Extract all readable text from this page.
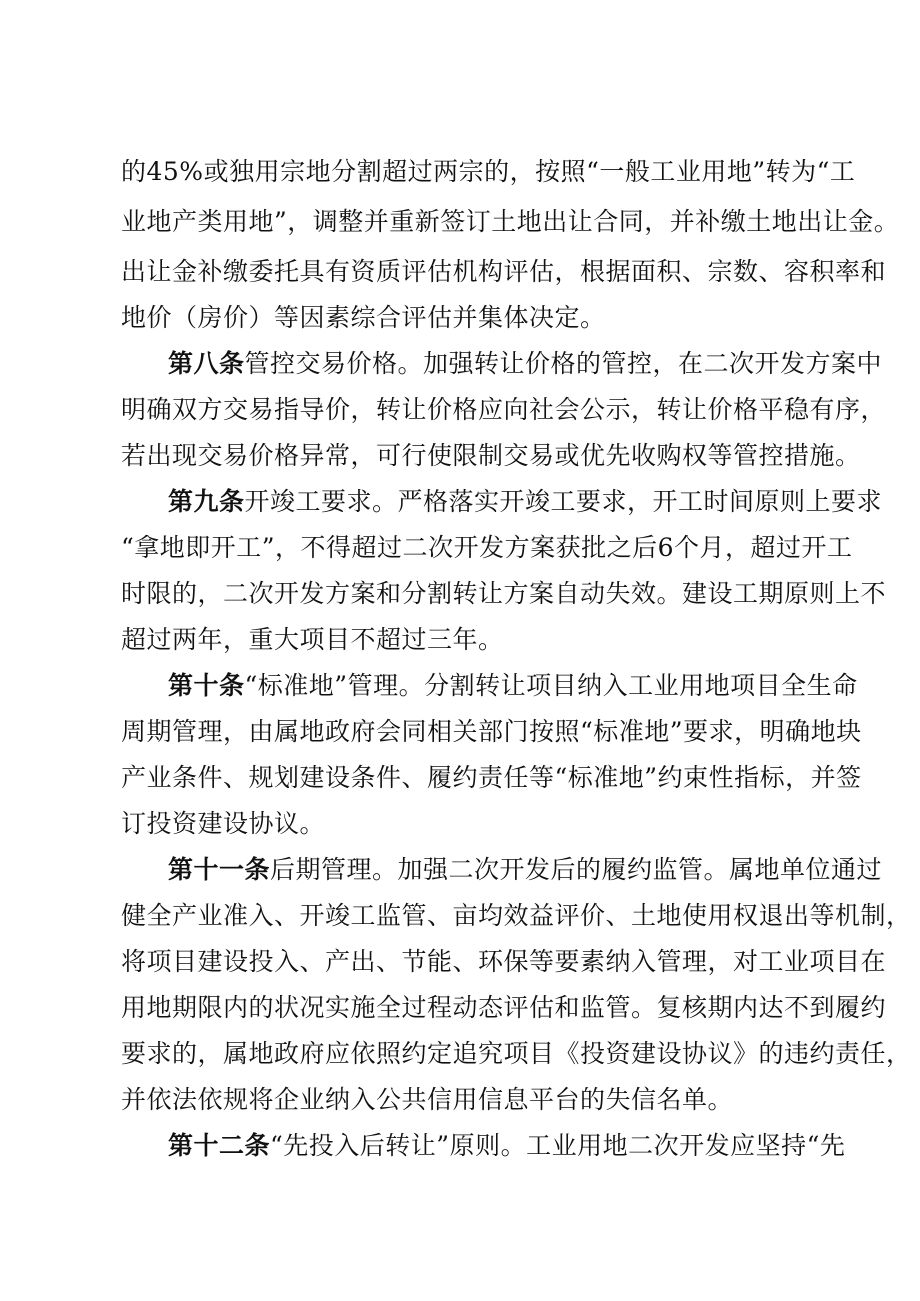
的45%或独用宗地分割超过两宗的，按照“一般工业用地”转为“工
业地产类用地”，调整并重新签订土地出让合同，并补缴土地出让金。
出让金补缴委托具有资质评估机构评估，根据面积、宗数、容积率和
地价（房价）等因素综合评估并集体决定。
第八条管控交易价格。加强转让价格的管控，在二次开发方案中
明确双方交易指导价，转让价格应向社会公示，转让价格平稳有序，
若出现交易价格异常，可行使限制交易或优先收购权等管控措施。
第九条开竣工要求。严格落实开竣工要求，开工时间原则上要求
“拿地即开工”，不得超过二次开发方案获批之后6个月，超过开工
时限的，二次开发方案和分割转让方案自动失效。建设工期原则上不
超过两年，重大项目不超过三年。
第十条“标准地”管理。分割转让项目纳入工业用地项目全生命
周期管理，由属地政府会同相关部门按照“标准地”要求，明确地块
产业条件、规划建设条件、履约责任等“标准地”约束性指标，并签
订投资建设协议。
第十一条后期管理。加强二次开发后的履约监管。属地单位通过
健全产业准入、开竣工监管、亩均效益评价、土地使用权退出等机制，
将项目建设投入、产出、节能、环保等要素纳入管理，对工业项目在
用地期限内的状况实施全过程动态评估和监管。复核期内达不到履约
要求的，属地政府应依照约定追究项目《投资建设协议》的违约责任，
并依法依规将企业纳入公共信用信息平台的失信名单。
第十二条“先投入后转让”原则。工业用地二次开发应坚持“先
